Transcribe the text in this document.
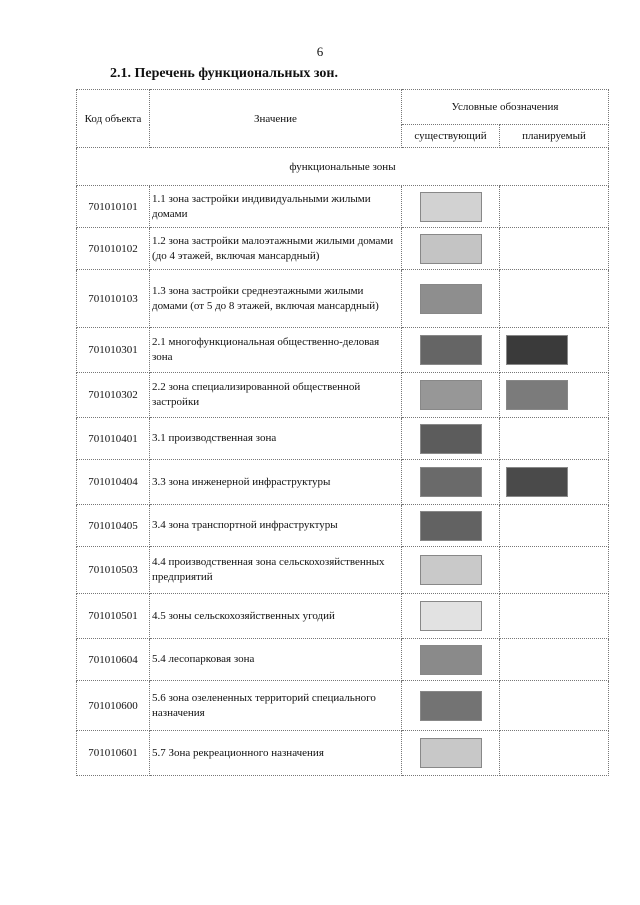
6
2.1. Перечень функциональных зон.
Код объекта	Значение	Условные обозначения	
		существующий	планируемый
функциональные зоны			
701010101	1.1 зона застройки индивидуальными жилыми домами	

701010102	1.2 зона застройки малоэтажными жилыми домами (до 4 этажей, включая мансардный)	

701010103	1.3 зона застройки среднеэтажными жилыми домами (от 5 до 8 этажей, включая мансардный)	

701010301	2.1 многофункциональная общественно-деловая зона	

701010302	2.2 зона специализированной общественной застройки	

701010401	3.1 производственная зона	

701010404	3.3 зона инженерной инфраструктуры	

701010405	3.4 зона транспортной инфраструктуры	

701010503	4.4 производственная зона сельскохозяйственных предприятий	

701010501	4.5 зоны сельскохозяйственных угодий	

701010604	5.4 лесопарковая зона	

701010600	5.6 зона озелененных территорий специального назначения	

701010601	5.7 Зона рекреационного назначения	
